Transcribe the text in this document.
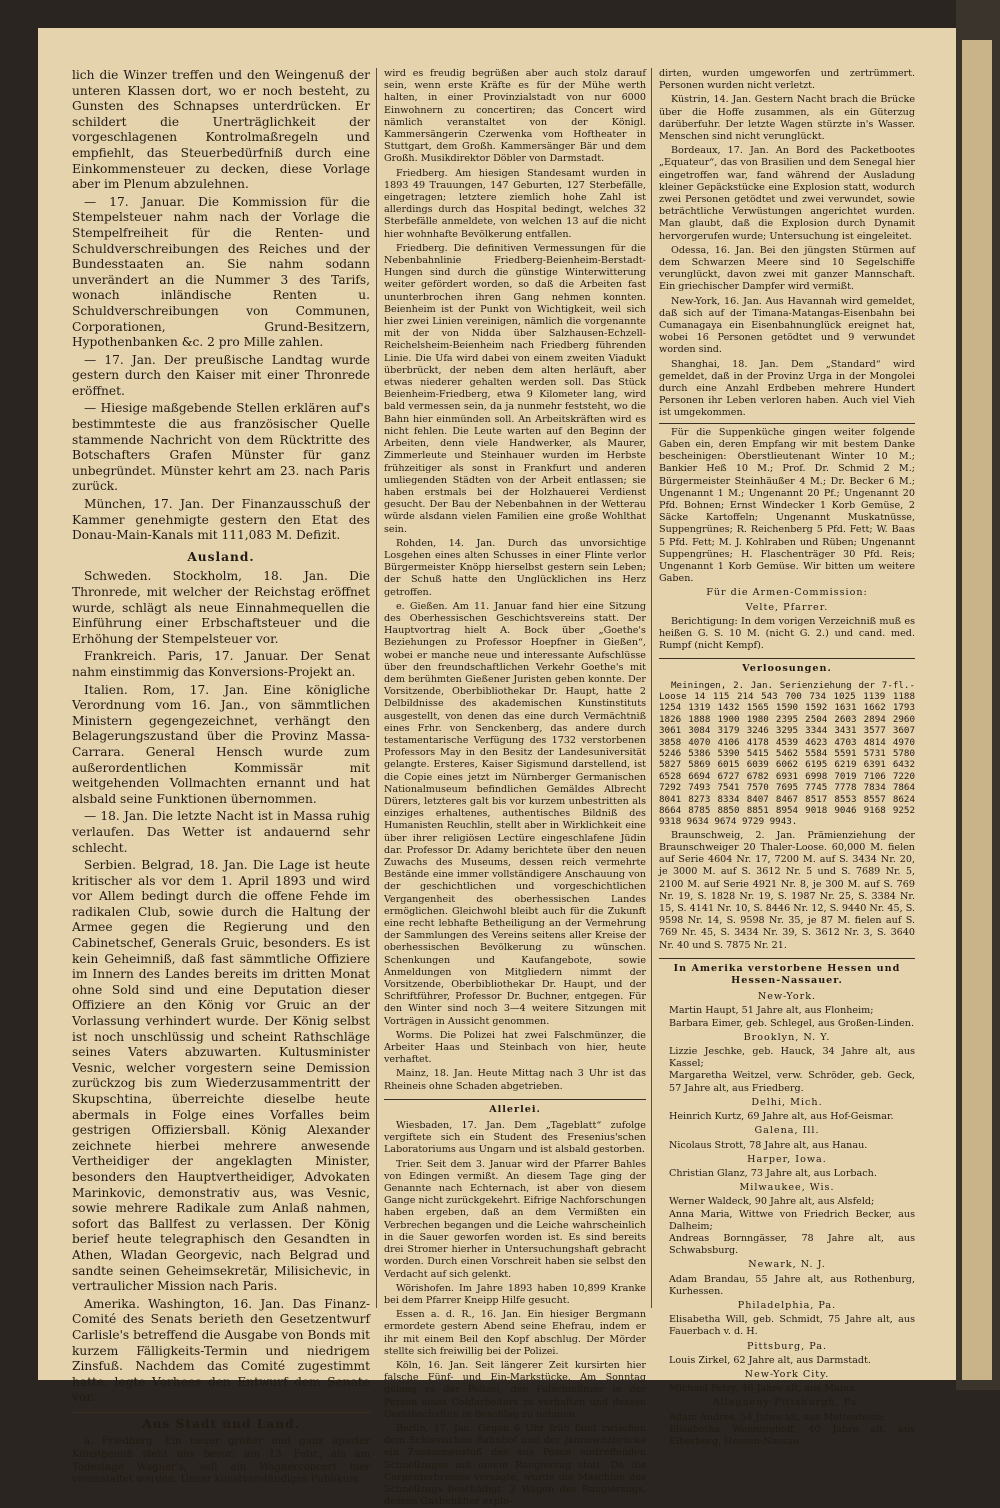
lich die Winzer treffen und den Weingenuß der unteren Klassen dort, wo er noch besteht, zu Gunsten des Schnapses unterdrücken. Er schildert die Unerträglichkeit der vorgeschlagenen Kontrolmaßregeln und empfiehlt, das Steuerbedürfniß durch eine Einkommensteuer zu decken, diese Vorlage aber im Plenum abzulehnen.

— 17. Januar. Die Kommission für die Stempelsteuer nahm nach der Vorlage die Stempelfreiheit für die Renten- und Schuldverschreibungen des Reiches und der Bundesstaaten an. Sie nahm sodann unverändert an die Nummer 3 des Tarifs, wonach inländische Renten u. Schuldverschreibungen von Communen, Corporationen, Grund-Besitzern, Hypothenbanken &c. 2 pro Mille zahlen.

— 17. Jan. Der preußische Landtag wurde gestern durch den Kaiser mit einer Thronrede eröffnet.

— Hiesige maßgebende Stellen erklären auf's bestimmteste die aus französischer Quelle stammende Nachricht von dem Rücktritte des Botschafters Grafen Münster für ganz unbegründet. Münster kehrt am 23. nach Paris zurück.

München, 17. Jan. Der Finanzausschuß der Kammer genehmigte gestern den Etat des Donau-Main-Kanals mit 111,083 M. Defizit.

Ausland.

Schweden. Stockholm, 18. Jan. Die Thronrede, mit welcher der Reichstag eröffnet wurde, schlägt als neue Einnahmequellen die Einführung einer Erbschaftsteuer und die Erhöhung der Stempelsteuer vor.

Frankreich. Paris, 17. Januar. Der Senat nahm einstimmig das Konversions-Projekt an.

Italien. Rom, 17. Jan. Eine königliche Verordnung vom 16. Jan., von sämmtlichen Ministern gegengezeichnet, verhängt den Belagerungszustand über die Provinz Massa-Carrara. General Hensch wurde zum außerordentlichen Kommissär mit weitgehenden Vollmachten ernannt und hat alsbald seine Funktionen übernommen.

— 18. Jan. Die letzte Nacht ist in Massa ruhig verlaufen. Das Wetter ist andauernd sehr schlecht.

Serbien. Belgrad, 18. Jan. Die Lage ist heute kritischer als vor dem 1. April 1893 und wird vor Allem bedingt durch die offene Fehde im radikalen Club, sowie durch die Haltung der Armee gegen die Regierung und den Cabinetschef, Generals Gruic, besonders. Es ist kein Geheimniß, daß fast sämmtliche Offiziere im Innern des Landes bereits im dritten Monat ohne Sold sind und eine Deputation dieser Offiziere an den König vor Gruic an der Vorlassung verhindert wurde. Der König selbst ist noch unschlüssig und scheint Rathschläge seines Vaters abzuwarten. Kultusminister Vesnic, welcher vorgestern seine Demission zurückzog bis zum Wiederzusammentritt der Skupschtina, überreichte dieselbe heute abermals in Folge eines Vorfalles beim gestrigen Offiziersball. König Alexander zeichnete hierbei mehrere anwesende Vertheidiger der angeklagten Minister, besonders den Hauptvertheidiger, Advokaten Marinkovic, demonstrativ aus, was Vesnic, sowie mehrere Radikale zum Anlaß nahmen, sofort das Ballfest zu verlassen. Der König berief heute telegraphisch den Gesandten in Athen, Wladan Georgevic, nach Belgrad und sandte seinen Geheimsekretär, Milisichevic, in vertraulicher Mission nach Paris.

Amerika. Washington, 16. Jan. Das Finanz-Comité des Senats berieth den Gesetzentwurf Carlisle's betreffend die Ausgabe von Bonds mit kurzem Fälligkeits-Termin und niedrigem Zinsfuß. Nachdem das Comité zugestimmt hatte, legte Vorhees den Entwurf dem Senate vor.

Aus Stadt und Land.

a. Friedberg. Ein neuer großer und ganz aparter Kunstgenuß steht uns bevor: am 13. Febr., als am Todestage Wagner's, soll ein Wagnerconcert hier veranstaltet werden. Unser kunstverständiges Publikum

wird es freudig begrüßen aber auch stolz darauf sein, wenn erste Kräfte es für der Mühe werth halten, in einer Provinzialstadt von nur 6000 Einwohnern zu concertiren; das Concert wird nämlich veranstaltet von der Königl. Kammersängerin Czerwenka vom Hoftheater in Stuttgart, dem Großh. Kammersänger Bär und dem Großh. Musikdirektor Döbler von Darmstadt.

Friedberg. Am hiesigen Standesamt wurden in 1893 49 Trauungen, 147 Geburten, 127 Sterbefälle, eingetragen; letztere ziemlich hohe Zahl ist allerdings durch das Hospital bedingt, welches 32 Sterbefälle anmeldete, von welchen 13 auf die nicht hier wohnhafte Bevölkerung entfallen.

Friedberg. Die definitiven Vermessungen für die Nebenbahnlinie Friedberg-Beienheim-Berstadt-Hungen sind durch die günstige Winterwitterung weiter gefördert worden, so daß die Arbeiten fast ununterbrochen ihren Gang nehmen konnten. Beienheim ist der Punkt von Wichtigkeit, weil sich hier zwei Linien vereinigen, nämlich die vorgenannte mit der von Nidda über Salzhausen-Echzell-Reichelsheim-Beienheim nach Friedberg führenden Linie. Die Ufa wird dabei von einem zweiten Viadukt überbrückt, der neben dem alten herläuft, aber etwas niederer gehalten werden soll. Das Stück Beienheim-Friedberg, etwa 9 Kilometer lang, wird bald vermessen sein, da ja nunmehr feststeht, wo die Bahn hier einmünden soll. An Arbeitskräften wird es nicht fehlen. Die Leute warten auf den Beginn der Arbeiten, denn viele Handwerker, als Maurer, Zimmerleute und Steinhauer wurden im Herbste frühzeitiger als sonst in Frankfurt und anderen umliegenden Städten von der Arbeit entlassen; sie haben erstmals bei der Holzhauerei Verdienst gesucht. Der Bau der Nebenbahnen in der Wetterau würde alsdann vielen Familien eine große Wohlthat sein.

Rohden, 14. Jan. Durch das unvorsichtige Losgehen eines alten Schusses in einer Flinte verlor Bürgermeister Knöpp hierselbst gestern sein Leben; der Schuß hatte den Unglücklichen ins Herz getroffen.

e. Gießen. Am 11. Januar fand hier eine Sitzung des Oberhessischen Geschichtsvereins statt. Der Hauptvortrag hielt A. Bock über „Goethe's Beziehungen zu Professor Hoepfner in Gießen“, wobei er manche neue und interessante Aufschlüsse über den freundschaftlichen Verkehr Goethe's mit dem berühmten Gießener Juristen geben konnte. Der Vorsitzende, Oberbibliothekar Dr. Haupt, hatte 2 Delbildnisse des akademischen Kunstinstituts ausgestellt, von denen das eine durch Vermächtniß eines Frhr. von Senckenberg, das andere durch testamentarische Verfügung des 1732 verstorbenen Professors May in den Besitz der Landesuniversität gelangte. Ersteres, Kaiser Sigismund darstellend, ist die Copie eines jetzt im Nürnberger Germanischen Nationalmuseum befindlichen Gemäldes Albrecht Dürers, letzteres galt bis vor kurzem unbestritten als einziges erhaltenes, authentisches Bildniß des Humanisten Reuchlin, stellt aber in Wirklichkeit eine über ihrer religiösen Lectüre eingeschlafene Jüdin dar. Professor Dr. Adamy berichtete über den neuen Zuwachs des Museums, dessen reich vermehrte Bestände eine immer vollständigere Anschauung von der geschichtlichen und vorgeschichtlichen Vergangenheit des oberhessischen Landes ermöglichen. Gleichwohl bleibt auch für die Zukunft eine recht lebhafte Betheiligung an der Vermehrung der Sammlungen des Vereins seitens aller Kreise der oberhessischen Bevölkerung zu wünschen. Schenkungen und Kaufangebote, sowie Anmeldungen von Mitgliedern nimmt der Vorsitzende, Oberbibliothekar Dr. Haupt, und der Schriftführer, Professor Dr. Buchner, entgegen. Für den Winter sind noch 3—4 weitere Sitzungen mit Vorträgen in Aussicht genommen.

Worms. Die Polizei hat zwei Falschmünzer, die Arbeiter Haas und Steinbach von hier, heute verhaftet.

Mainz, 18. Jan. Heute Mittag nach 3 Uhr ist das Rheineis ohne Schaden abgetrieben.

Allerlei.

Wiesbaden, 17. Jan. Dem „Tageblatt“ zufolge vergiftete sich ein Student des Fresenius'schen Laboratoriums aus Ungarn und ist alsbald gestorben.

Trier. Seit dem 3. Januar wird der Pfarrer Bahles von Edingen vermißt. An diesem Tage ging der Genannte nach Echternach, ist aber von diesem Gange nicht zurückgekehrt. Eifrige Nachforschungen haben ergeben, daß an dem Vermißten ein Verbrechen begangen und die Leiche wahrscheinlich in die Sauer geworfen worden ist. Es sind bereits drei Stromer hierher in Untersuchungshaft gebracht worden. Durch einen Vorschreit haben sie selbst den Verdacht auf sich gelenkt.

Wörishofen. Im Jahre 1893 haben 10,899 Kranke bei dem Pfarrer Kneipp Hilfe gesucht.

Essen a. d. R., 16. Jan. Ein hiesiger Bergmann ermordete gestern Abend seine Ehefrau, indem er ihr mit einem Beil den Kopf abschlug. Der Mörder stellte sich freiwillig bei der Polizei.

Köln, 16. Jan. Seit längerer Zeit kursirten hier falsche Fünf- und Ein-Markstücke. Am Sonntag gelang es der Polizei, den Falschmünzer in der Person eines Goldarbeiters zu verhaften und dessen Geräthschaften in Beschlag zu nehmen.

Berlin, 17. Jan. Gegen 6 Uhr früh fand zwischen dem Schlesischen Bahnhof und der Jannowitzbrücke ein Zusammenstoß des aus Posen eintreffenden Schnellzuges mit einem Rangierzug statt. Da die Carpenterbremse versagte, wurde die Maschine des Schnellzugs beschädigt. 2 Wagen des Rangierzugs, dessen Gasbehälter explo-

dirten, wurden umgeworfen und zertrümmert. Personen wurden nicht verletzt.

Küstrin, 14. Jan. Gestern Nacht brach die Brücke über die Hoffe zusammen, als ein Güterzug darüberfuhr. Der letzte Wagen stürzte in's Wasser. Menschen sind nicht verunglückt.

Bordeaux, 17. Jan. An Bord des Packetbootes „Equateur“, das von Brasilien und dem Senegal hier eingetroffen war, fand während der Ausladung kleiner Gepäckstücke eine Explosion statt, wodurch zwei Personen getödtet und zwei verwundet, sowie beträchtliche Verwüstungen angerichtet wurden. Man glaubt, daß die Explosion durch Dynamit hervorgerufen wurde; Untersuchung ist eingeleitet.

Odessa, 16. Jan. Bei den jüngsten Stürmen auf dem Schwarzen Meere sind 10 Segelschiffe verunglückt, davon zwei mit ganzer Mannschaft. Ein griechischer Dampfer wird vermißt.

New-York, 16. Jan. Aus Havannah wird gemeldet, daß sich auf der Timana-Matangas-Eisenbahn bei Cumanagaya ein Eisenbahnunglück ereignet hat, wobei 16 Personen getödtet und 9 verwundet worden sind.

Shanghai, 18. Jan. Dem „Standard“ wird gemeldet, daß in der Provinz Urga in der Mongolei durch eine Anzahl Erdbeben mehrere Hundert Personen ihr Leben verloren haben. Auch viel Vieh ist umgekommen.

Für die Suppenküche gingen weiter folgende Gaben ein, deren Empfang wir mit bestem Danke bescheinigen: Oberstlieutenant Winter 10 M.; Bankier Heß 10 M.; Prof. Dr. Schmid 2 M.; Bürgermeister Steinhäußer 4 M.; Dr. Becker 6 M.; Ungenannt 1 M.; Ungenannt 20 Pf.; Ungenannt 20 Pfd. Bohnen; Ernst Windecker 1 Korb Gemüse, 2 Säcke Kartoffeln; Ungenannt Muskatnüsse, Suppengrünes; R. Reichenberg 5 Pfd. Fett; W. Baas 5 Pfd. Fett; M. J. Kohlraben und Rüben; Ungenannt Suppengrünes; H. Flaschenträger 30 Pfd. Reis; Ungenannt 1 Korb Gemüse. Wir bitten um weitere Gaben.

Für die Armen-Commission:

Velte, Pfarrer.

Berichtigung: In dem vorigen Verzeichniß muß es heißen G. S. 10 M. (nicht G. 2.) und cand. med. Rumpf (nicht Kempf).

Verloosungen.

Meiningen, 2. Jan. Serienziehung der 7-fl.-Loose 14 115 214 543 700 734 1025 1139 1188 1254 1319 1432 1565 1590 1592 1631 1662 1793 1826 1888 1900 1980 2395 2504 2603 2894 2960 3061 3084 3179 3246 3295 3344 3431 3577 3607 3858 4070 4106 4178 4539 4623 4703 4814 4970 5246 5386 5390 5415 5462 5584 5591 5731 5780 5827 5869 6015 6039 6062 6195 6219 6391 6432 6528 6694 6727 6782 6931 6998 7019 7106 7220 7292 7493 7541 7570 7695 7745 7778 7834 7864 8041 8273 8334 8407 8467 8517 8553 8557 8624 8664 8785 8850 8851 8954 9018 9046 9168 9252 9318 9634 9674 9729 9943.

Braunschweig, 2. Jan. Prämienziehung der Braunschweiger 20 Thaler-Loose. 60,000 M. fielen auf Serie 4604 Nr. 17, 7200 M. auf S. 3434 Nr. 20, je 3000 M. auf S. 3612 Nr. 5 und S. 7689 Nr. 5, 2100 M. auf Serie 4921 Nr. 8, je 300 M. auf S. 769 Nr. 19, S. 1828 Nr. 19, S. 1987 Nr. 25, S. 3384 Nr. 15, S. 4141 Nr. 10, S. 8446 Nr. 12, S. 9440 Nr. 45, S. 9598 Nr. 14, S. 9598 Nr. 35, je 87 M. fielen auf S. 769 Nr. 45, S. 3434 Nr. 39, S. 3612 Nr. 3, S. 3640 Nr. 40 und S. 7875 Nr. 21.

In Amerika verstorbene Hessen und Hessen-Nassauer.

New-York.

Martin Haupt, 51 Jahre alt, aus Flonheim;

Barbara Eimer, geb. Schlegel, aus Großen-Linden.

Brooklyn, N. Y.

Lizzie Jeschke, geb. Hauck, 34 Jahre alt, aus Kassel;

Margaretha Weitzel, verw. Schröder, geb. Geck, 57 Jahre alt, aus Friedberg.

Delhi, Mich.

Heinrich Kurtz, 69 Jahre alt, aus Hof-Geismar.

Galena, Ill.

Nicolaus Strott, 78 Jahre alt, aus Hanau.

Harper, Iowa.

Christian Glanz, 73 Jahre alt, aus Lorbach.

Milwaukee, Wis.

Werner Waldeck, 90 Jahre alt, aus Alsfeld;

Anna Maria, Wittwe von Friedrich Becker, aus Dalheim;

Andreas Bornngässer, 78 Jahre alt, aus Schwabsburg.

Newark, N. J.

Adam Brandau, 55 Jahre alt, aus Rothenburg, Kurhessen.

Philadelphia, Pa.

Elisabetha Will, geb. Schmidt, 75 Jahre alt, aus Fauerbach v. d. H.

Pittsburg, Pa.

Louis Zirkel, 62 Jahre alt, aus Darmstadt.

New-York City.

Michael Petry, 46 Jahre alt, aus Mainz.

Allegheny-Pittsburgh, Pa.

Adam Andres, 54 Jahre alt, aus Mettenheim;

Elisabetha Wenninghoff, 40 Jahre alt, aus Elberberg, Hessen-Nassau.
